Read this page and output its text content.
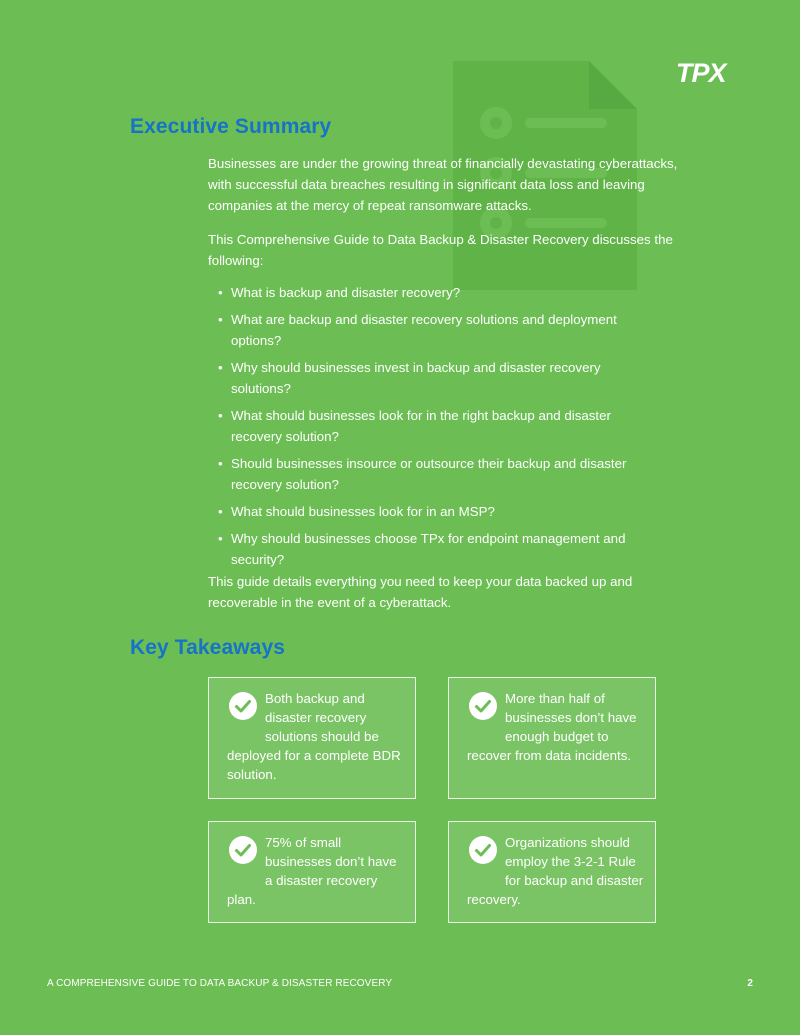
TPX
Executive Summary

Businesses are under the growing threat of financially devastating cyberattacks, with successful data breaches resulting in significant data loss and leaving companies at the mercy of repeat ransomware attacks.

This Comprehensive Guide to Data Backup & Disaster Recovery discusses the following:

• What is backup and disaster recovery?
• What are backup and disaster recovery solutions and deployment options?
• Why should businesses invest in backup and disaster recovery solutions?
• What should businesses look for in the right backup and disaster recovery solution?
• Should businesses insource or outsource their backup and disaster recovery solution?
• What should businesses look for in an MSP?
• Why should businesses choose TPx for endpoint management and security?

This guide details everything you need to keep your data backed up and recoverable in the event of a cyberattack.

Key Takeaways
Both backup and disaster recovery solutions should be deployed for a complete BDR solution.
More than half of businesses don’t have enough budget to recover from data incidents.
75% of small businesses don’t have a disaster recovery plan.
Organizations should employ the 3-2-1 Rule for backup and disaster recovery.
A COMPREHENSIVE GUIDE TO DATA BACKUP & DISASTER RECOVERY	2
